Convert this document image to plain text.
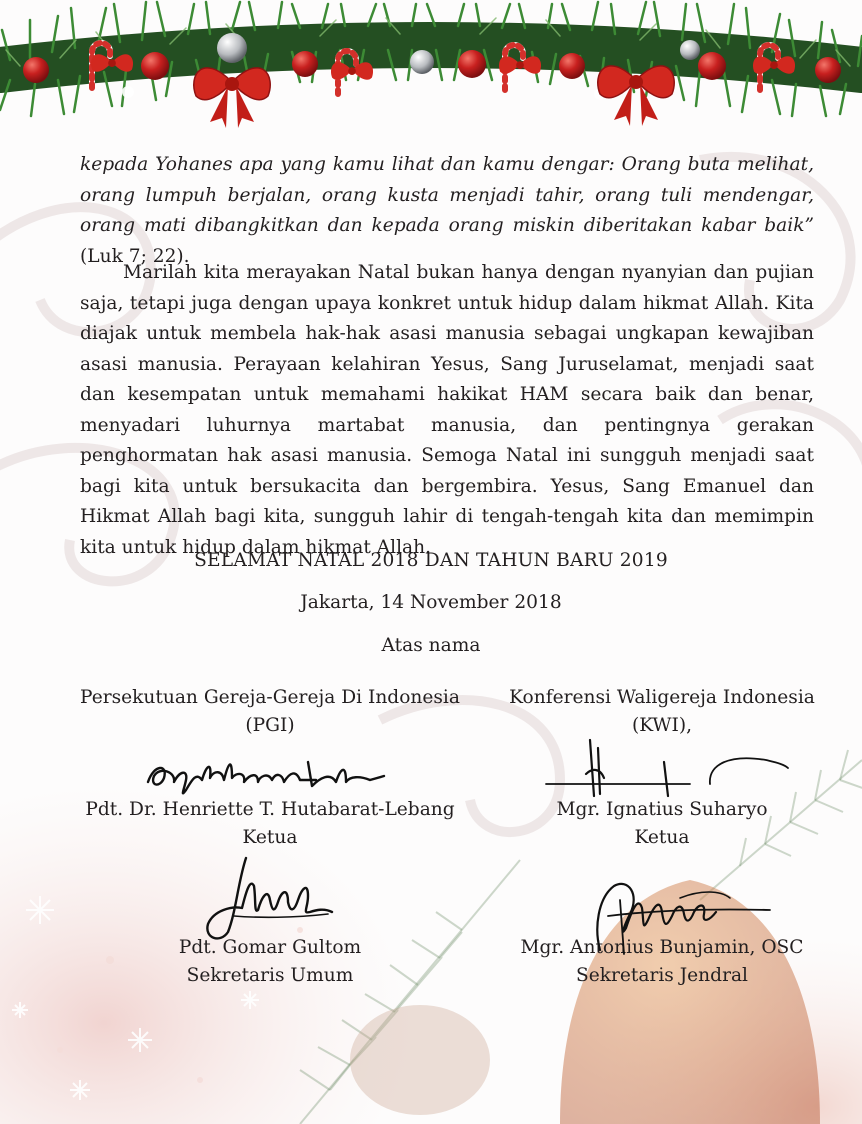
kepada Yohanes apa yang kamu lihat dan kamu dengar: Orang buta melihat, orang lumpuh berjalan, orang kusta menjadi tahir, orang tuli mendengar, orang mati dibangkitkan dan kepada orang miskin diberitakan kabar baik” (Luk 7; 22).

Marilah kita merayakan Natal bukan hanya dengan nyanyian dan pujian saja, tetapi juga dengan upaya konkret untuk hidup dalam hikmat Allah. Kita diajak untuk membela hak-hak asasi manusia sebagai ungkapan kewajiban asasi manusia. Perayaan kelahiran Yesus, Sang Juruselamat, menjadi saat dan kesempatan untuk memahami hakikat HAM secara baik dan benar, menyadari luhurnya martabat manusia, dan pentingnya gerakan penghormatan hak asasi manusia. Semoga Natal ini sungguh menjadi saat bagi kita untuk bersukacita dan bergembira. Yesus, Sang Emanuel dan Hikmat Allah bagi kita, sungguh lahir di tengah-tengah kita dan memimpin kita untuk hidup dalam hikmat Allah.

SELAMAT NATAL 2018 DAN TAHUN BARU 2019
Jakarta, 14 November 2018
Atas nama
Persekutuan Gereja-Gereja Di Indonesia
(PGI)
Pdt. Dr. Henriette T. Hutabarat-Lebang
Ketua
Pdt. Gomar Gultom
Sekretaris Umum
Konferensi Waligereja Indonesia
(KWI),
Mgr. Ignatius Suharyo
Ketua
Mgr. Antonius Bunjamin, OSC
Sekretaris Jendral
